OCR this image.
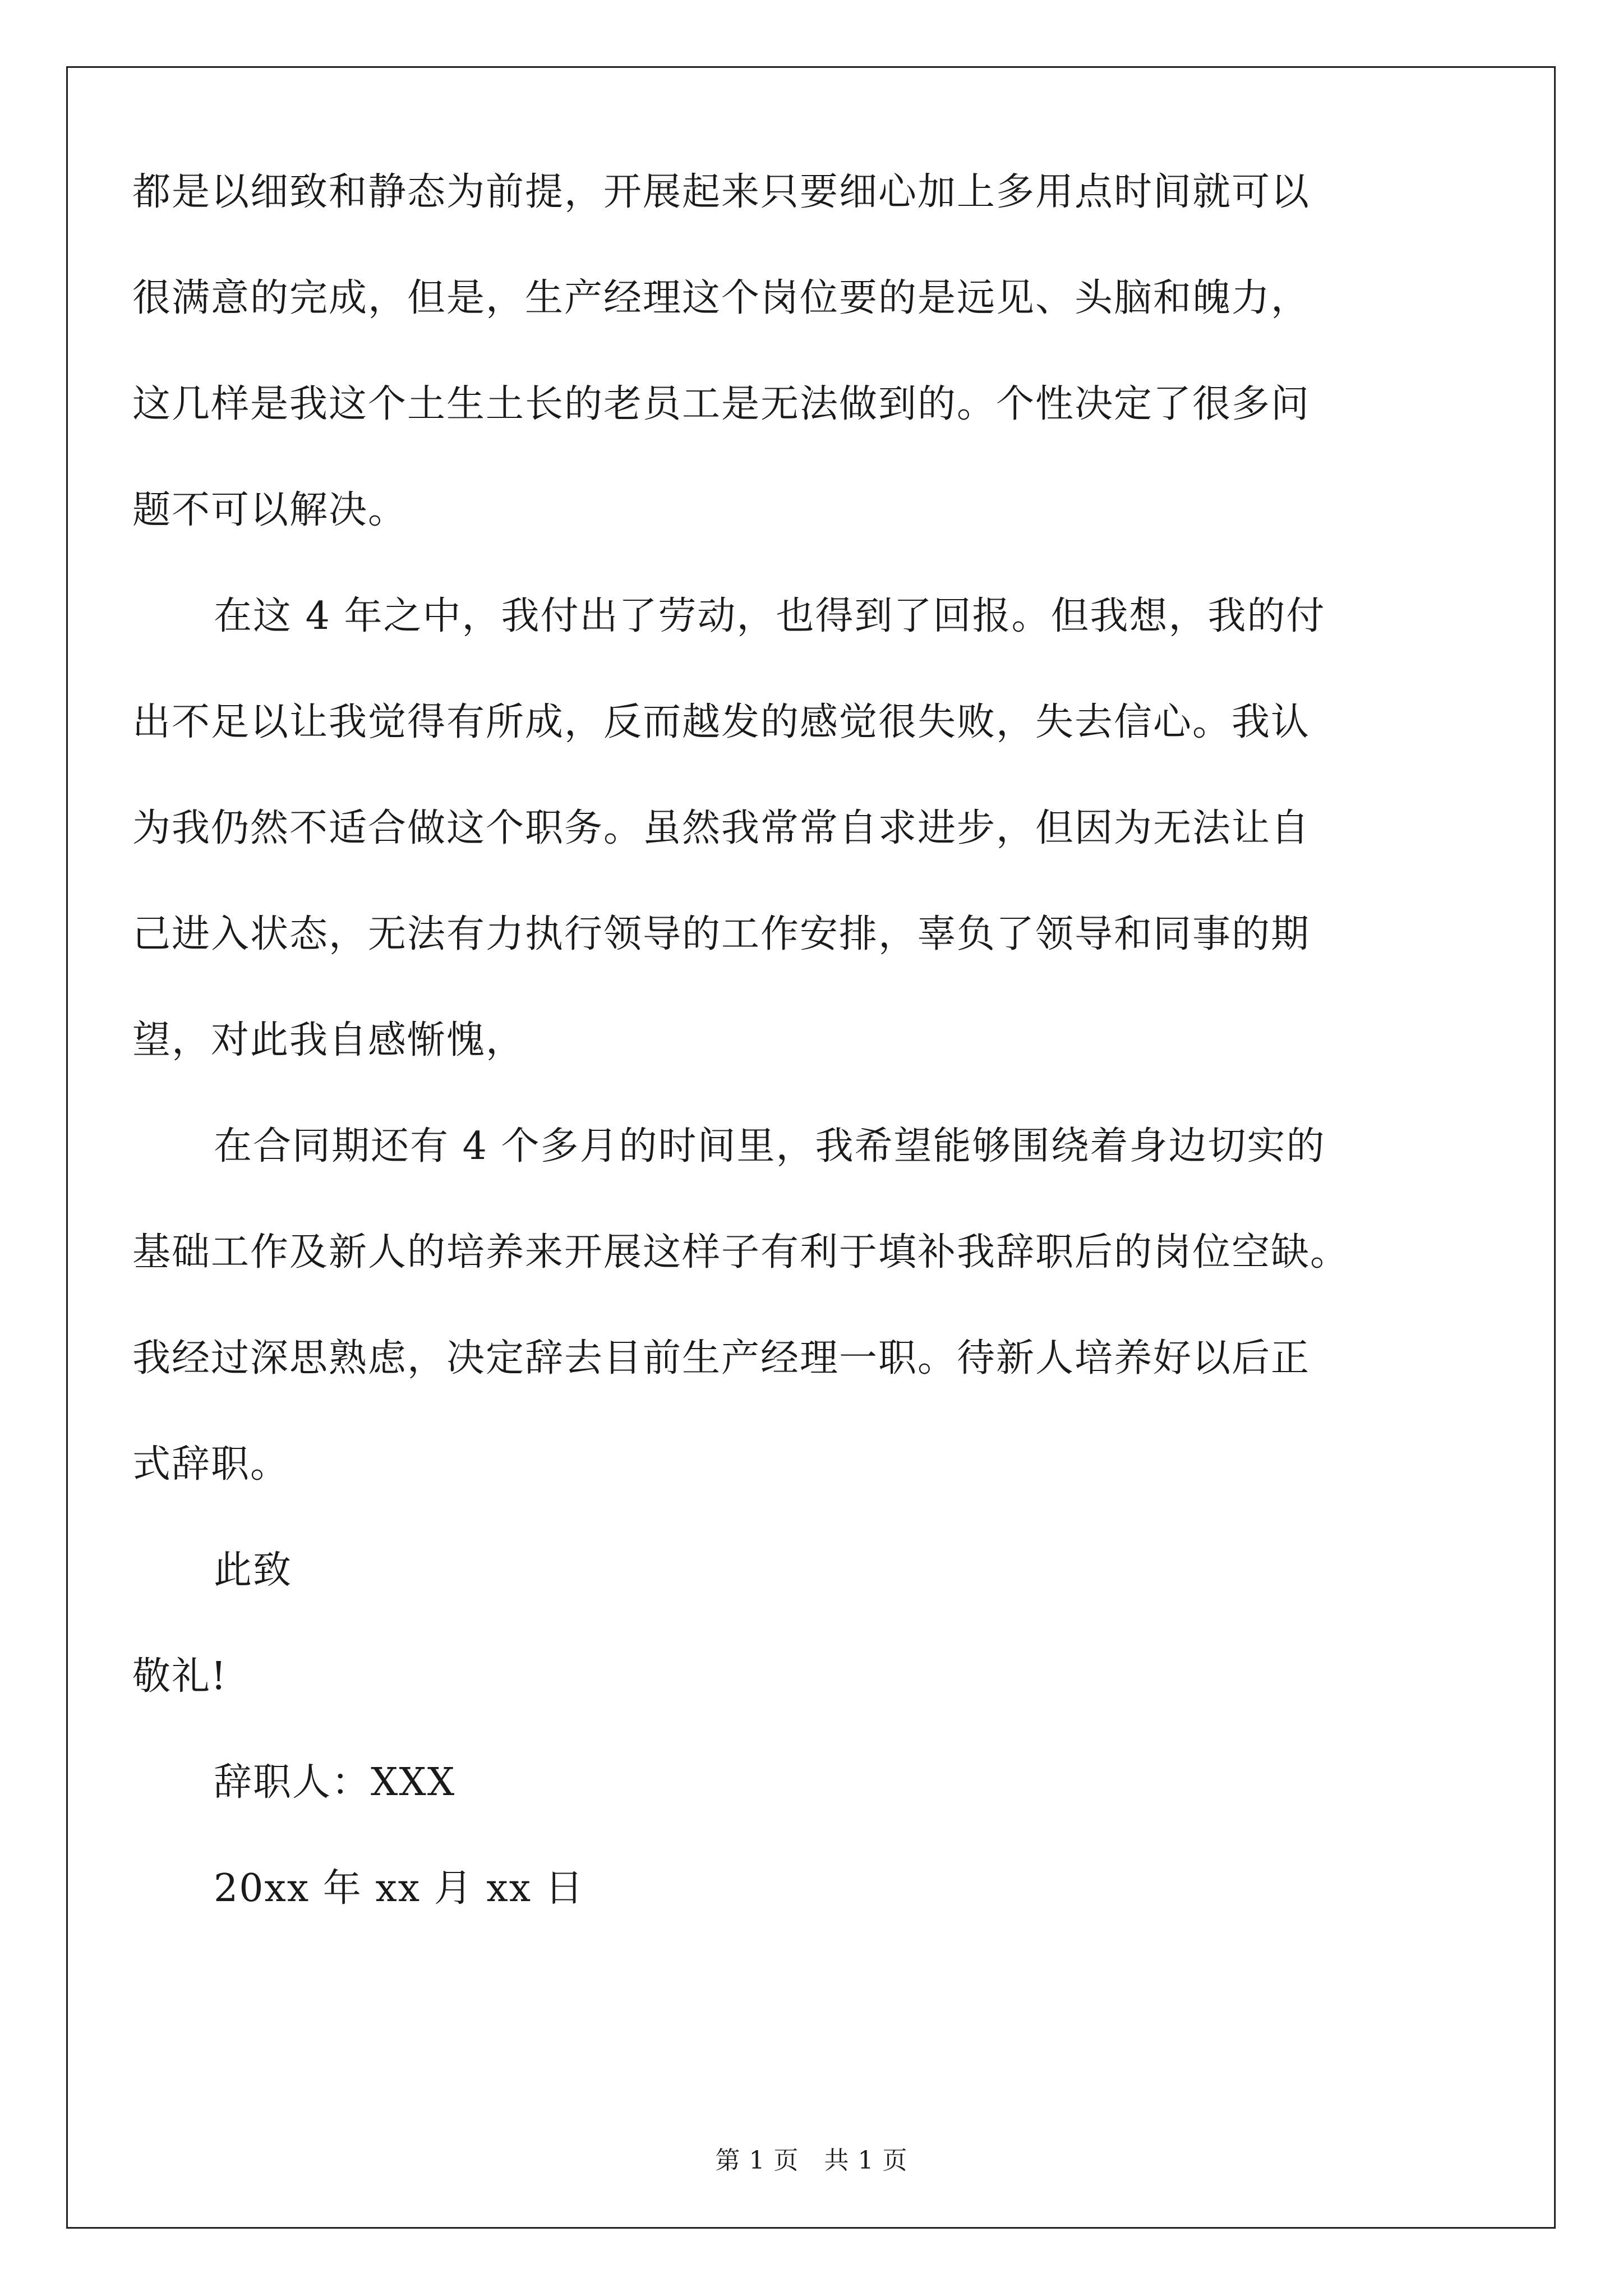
都是以细致和静态为前提，开展起来只要细心加上多用点时间就可以

很满意的完成，但是，生产经理这个岗位要的是远见、头脑和魄力，

这几样是我这个土生土长的老员工是无法做到的。个性决定了很多问

题不可以解决。

在这 4 年之中，我付出了劳动，也得到了回报。但我想，我的付

出不足以让我觉得有所成，反而越发的感觉很失败，失去信心。我认

为我仍然不适合做这个职务。虽然我常常自求进步，但因为无法让自

己进入状态，无法有力执行领导的工作安排，辜负了领导和同事的期

望，对此我自感惭愧，

在合同期还有 4 个多月的时间里，我希望能够围绕着身边切实的

基础工作及新人的培养来开展这样子有利于填补我辞职后的岗位空缺。

我经过深思熟虑，决定辞去目前生产经理一职。待新人培养好以后正

式辞职。

此致

敬礼!

辞职人：XXX

20xx 年 xx 月 xx 日

第 1 页　共 1 页
